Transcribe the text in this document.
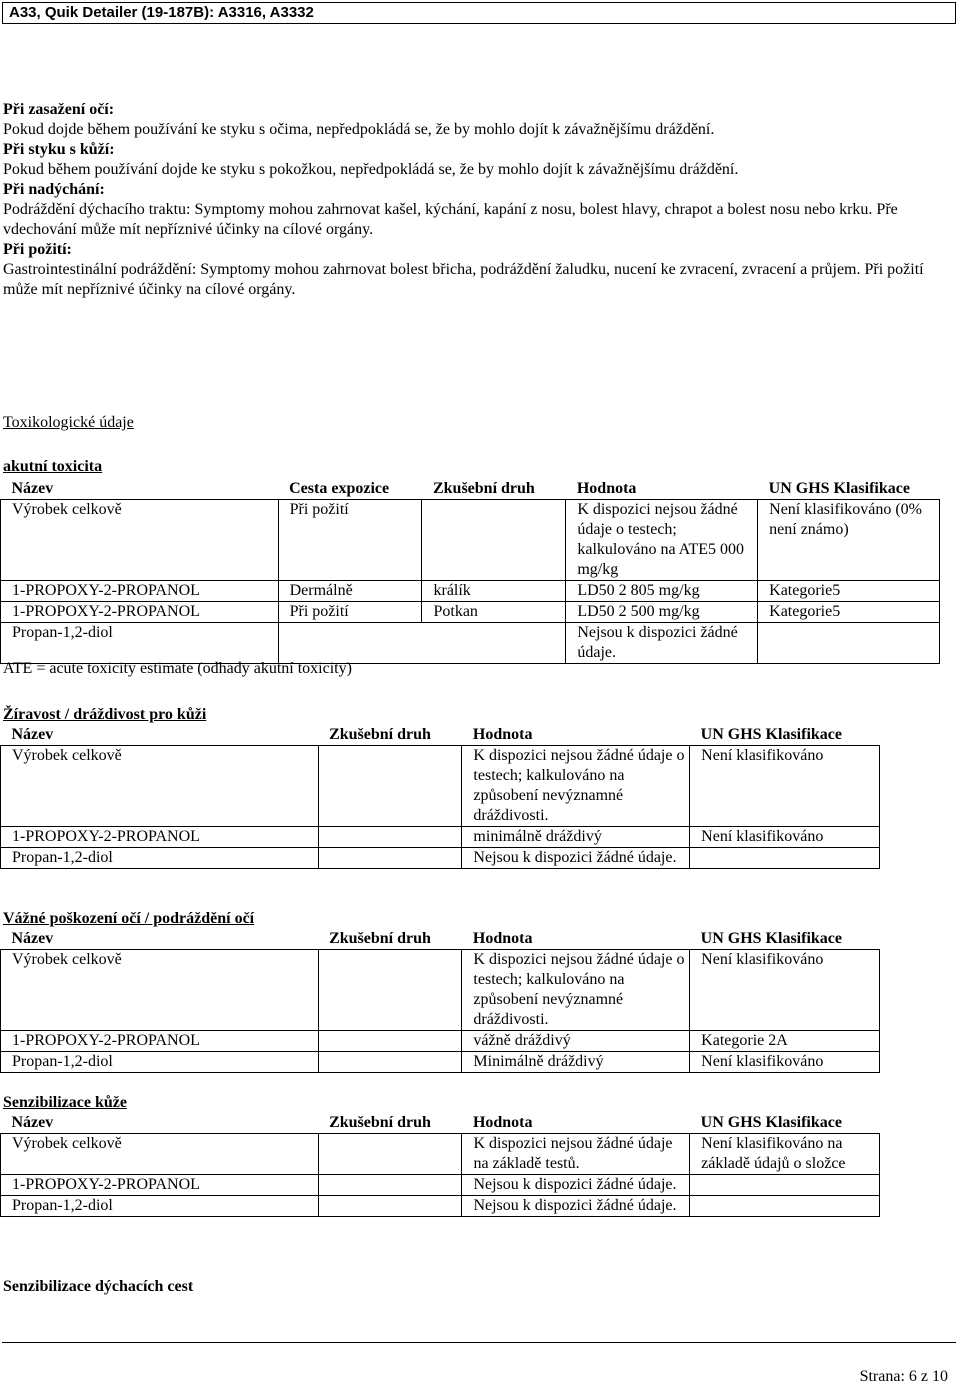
A33, Quik Detailer (19-187B): A3316, A3332
Při zasažení očí:
Pokud dojde během používání ke styku s očima, nepředpokládá se, že by mohlo dojít k závažnějšímu dráždění.
Při styku s kůží:
Pokud během používání dojde ke styku s pokožkou, nepředpokládá se, že by mohlo dojít k závažnějšímu dráždění.
Při nadýchání:
Podráždění dýchacího traktu: Symptomy mohou zahrnovat kašel, kýchání, kapání z nosu, bolest hlavy, chrapot a bolest nosu nebo krku. Pře vdechování může mít nepříznivé účinky na cílové orgány.
Při požití:
Gastrointestinální podráždění: Symptomy mohou zahrnovat bolest břicha, podráždění žaludku, nucení ke zvracení, zvracení a průjem. Při požití může mít nepříznivé účinky na cílové orgány.
Toxikologické údaje
akutní toxicita
Název	Cesta expozice	Zkušební druh	Hodnota	UN GHS Klasifikace
Výrobek celkově	Při požití		K dispozici nejsou žádné údaje o testech; kalkulováno na ATE5 000 mg/kg	Není klasifikováno (0% není známo)
1-PROPOXY-2-PROPANOL	Dermálně	králík	LD50 2 805 mg/kg	Kategorie5
1-PROPOXY-2-PROPANOL	Při požití	Potkan	LD50 2 500 mg/kg	Kategorie5
Propan-1,2-diol			Nejsou k dispozici žádné údaje.	
ATE = acute toxicity estimate (odhady akutní toxicity)
Žíravost / dráždivost pro kůži
Název	Zkušební druh	Hodnota	UN GHS Klasifikace
Výrobek celkově		K dispozici nejsou žádné údaje o testech; kalkulováno na způsobení nevýznamné dráždivosti.	Není klasifikováno
1-PROPOXY-2-PROPANOL		minimálně dráždivý	Není klasifikováno
Propan-1,2-diol		Nejsou k dispozici žádné údaje.	
Vážné poškození očí / podráždění očí
Název	Zkušební druh	Hodnota	UN GHS Klasifikace
Výrobek celkově		K dispozici nejsou žádné údaje o testech; kalkulováno na způsobení nevýznamné dráždivosti.	Není klasifikováno
1-PROPOXY-2-PROPANOL		vážně dráždivý	Kategorie 2A
Propan-1,2-diol		Minimálně dráždivý	Není klasifikováno
Senzibilizace kůže
Název	Zkušební druh	Hodnota	UN GHS Klasifikace
Výrobek celkově		K dispozici nejsou žádné údaje na základě testů.	Není klasifikováno na základě údajů o složce
1-PROPOXY-2-PROPANOL		Nejsou k dispozici žádné údaje.	
Propan-1,2-diol		Nejsou k dispozici žádné údaje.	
Senzibilizace dýchacích cest
Strana: 6 z 10
